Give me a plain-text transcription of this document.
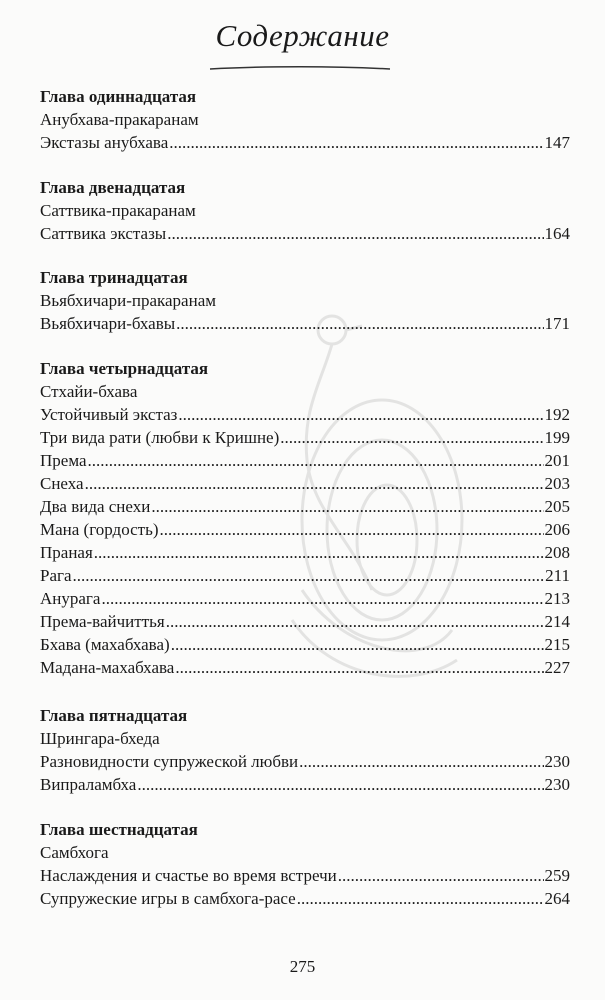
Содержание
Глава одиннадцатая
Анубхава-пракаранам
Экстазы анубхава .....	147
Глава двенадцатая
Саттвика-пракаранам
Саттвика экстазы .....	164
Глава тринадцатая
Вьябхичари-пракаранам
Вьябхичари-бхавы .....	171
Глава четырнадцатая
Стхайи-бхава
Устойчивый экстаз .....	192
Три вида рати (любви к Кришне) .....	199
Према .....	201
Снеха .....	203
Два вида снехи .....	205
Мана (гордость) .....	206
Праная .....	208
Рага .....	211
Анурага .....	213
Према-вайчиттья .....	214
Бхава (махабхава) .....	215
Мадана-махабхава .....	227
Глава пятнадцатая
Шрингара-бхеда
Разновидности супружеской любви .....	230
Випраламбха .....	230
Глава шестнадцатая
Самбхога
Наслаждения и счастье во время встречи .....	259
Супружеские игры в самбхога-расе .....	264
275
